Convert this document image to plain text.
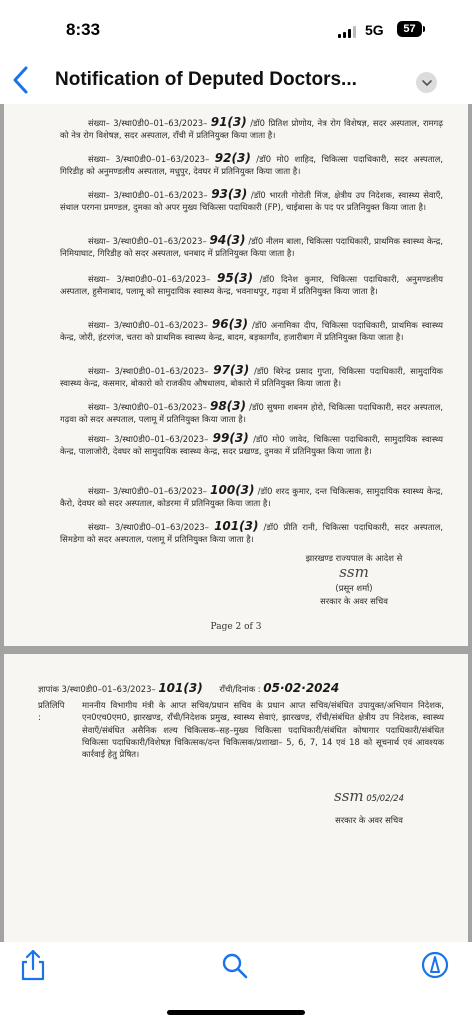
8:33	5G	57
Notification of Deputed Doctors...
संख्या– 3/स्था0डी0–01–63/2023– 91(3) /डॉ0 प्रितिश प्रोणोय, नेत्र रोग विशेषज्ञ, सदर अस्पताल, रामगढ़ को नेत्र रोग विशेषज्ञ, सदर अस्पताल, राँची में प्रतिनियुक्त किया जाता है।
संख्या– 3/स्था0डी0–01–63/2023– 92(3) /डॉ0 मो0 शाहिद, चिकित्सा पदाधिकारी, सदर अस्पताल, गिरिडीह को अनुमण्डलीय अस्पताल, मधुपुर, देवघर में प्रतिनियुक्त किया जाता है।
संख्या– 3/स्था0डी0–01–63/2023– 93(3) /डॉ0 भारती गोरोती मिंज, क्षेत्रीय उप निदेशक, स्वास्थ्य सेवाएँ, संथाल परगना प्रमण्डल, दुमका को अपर मुख्य चिकित्सा पदाधिकारी (FP), चाईबासा के पद पर प्रतिनियुक्त किया जाता है।
संख्या– 3/स्था0डी0–01–63/2023– 94(3) /डॉ0 नीलम बाला, चिकित्सा पदाधिकारी, प्राथमिक स्वास्थ्य केन्द्र, निमियाघाट, गिरिडीह को सदर अस्पताल, धनबाद में प्रतिनियुक्त किया जाता है।
संख्या– 3/स्था0डी0–01–63/2023– 95(3) /डॉ0 दिनेश कुमार, चिकित्सा पदाधिकारी, अनुमण्डलीय अस्पताल, हुसैनाबाद, पलामू को सामुदायिक स्वास्थ्य केन्द्र, भवनाथपुर, गढ़वा में प्रतिनियुक्त किया जाता है।
संख्या– 3/स्था0डी0–01–63/2023– 96(3) /डॉ0 अनामिका दीप, चिकित्सा पदाधिकारी, प्राथमिक स्वास्थ्य केन्द्र, जोरी, हंटरगंज, चतरा को प्राथमिक स्वास्थ्य केन्द्र, बादम, बड़कागाँव, हजारीबाग में प्रतिनियुक्त किया जाता है।
संख्या– 3/स्था0डी0–01–63/2023– 97(3) /डॉ0 बिरेन्द्र प्रसाद गुप्ता, चिकित्सा पदाधिकारी, सामुदायिक स्वास्थ्य केन्द्र, कसमार, बोकारो को राजकीय औषधालय, बोकारो में प्रतिनियुक्त किया जाता है।
संख्या– 3/स्था0डी0–01–63/2023– 98(3) /डॉ0 सुषमा शबनम होरो, चिकित्सा पदाधिकारी, सदर अस्पताल, गढ़वा को सदर अस्पताल, पलामू में प्रतिनियुक्त किया जाता है।
संख्या– 3/स्था0डी0–01–63/2023– 99(3) /डॉ0 मो0 जावेद, चिकित्सा पदाधिकारी, सामुदायिक स्वास्थ्य केन्द्र, पालाजोरी, देवघर को सामुदायिक स्वास्थ्य केन्द्र, सदर प्रखण्ड, दुमका में प्रतिनियुक्त किया जाता है।
संख्या– 3/स्था0डी0–01–63/2023– 100(3) /डॉ0 शरद कुमार, दन्त चिकित्सक, सामुदायिक स्वास्थ्य केन्द्र, कैरो, देवघर को सदर अस्पताल, कोडरमा में प्रतिनियुक्त किया जाता है।
संख्या– 3/स्था0डी0–01–63/2023– 101(3) /डॉ0 प्रीति रानी, चिकित्सा पदाधिकारी, सदर अस्पताल, सिमडेगा को सदर अस्पताल, पलामू में प्रतिनियुक्त किया जाता है।
झारखण्ड राज्यपाल के आदेश से
ssm
(प्रसून शर्मा)
सरकार के अवर सचिव
Page 2 of 3
ज्ञापांक 3/स्था0डी0–01–63/2023– 101(3) राँची/दिनांक : 05·02·2024
प्रतिलिपि :
माननीय विभागीय मंत्री के आप्त सचिव/प्रधान सचिव के प्रधान आप्त सचिव/संबंधित उपायुक्त/अभियान निदेशक, एन0एच0एम0, झारखण्ड, राँची/निदेशक प्रमुख, स्वास्थ्य सेवाएं, झारखण्ड, राँची/संबंधित क्षेत्रीय उप निदेशक, स्वास्थ्य सेवाएँ/संबंधित असैनिक शल्य चिकित्सक–सह–मुख्य चिकित्सा पदाधिकारी/संबंधित कोषागार पदाधिकारी/संबंधित चिकित्सा पदाधिकारी/विशेषज्ञ चिकित्सक/दन्त चिकित्सक/प्रशाखा– 5, 6, 7, 14 एवं 18 को सूचनार्थ एवं आवश्यक कार्रवाई हेतु प्रेषित।
ssm 05/02/24
सरकार के अवर सचिव
